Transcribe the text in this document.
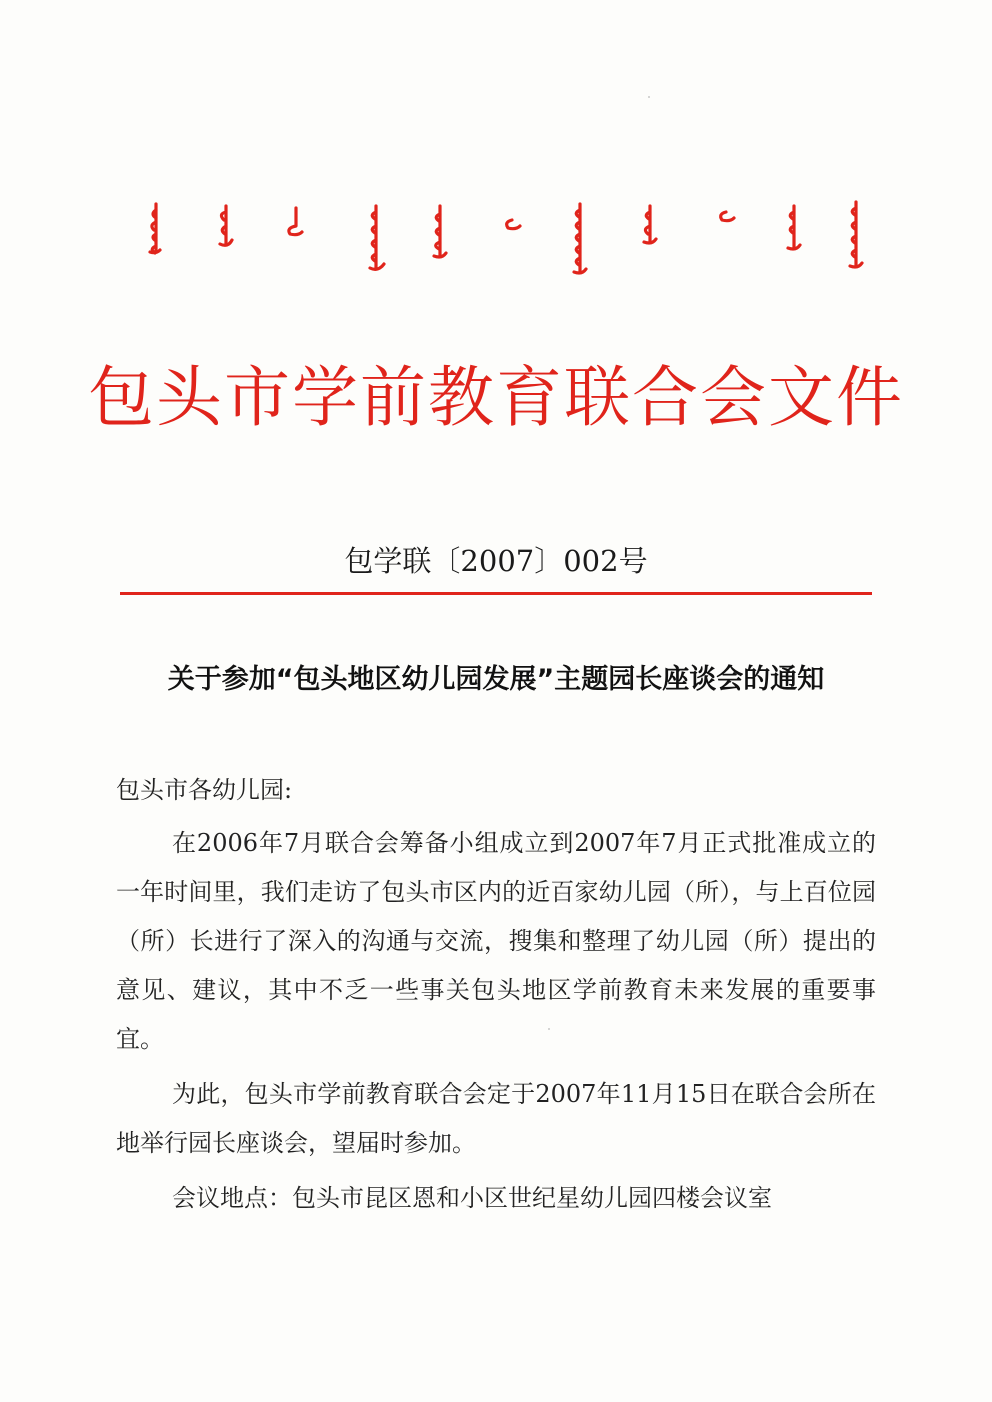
包头市学前教育联合会文件
包学联〔2007〕002号
关于参加“包头地区幼儿园发展”主题园长座谈会的通知

包头市各幼儿园:

在2006年7月联合会筹备小组成立到2007年7月正式批准成立的一年时间里，我们走访了包头市区内的近百家幼儿园（所），与上百位园（所）长进行了深入的沟通与交流，搜集和整理了幼儿园（所）提出的意见、建议，其中不乏一些事关包头地区学前教育未来发展的重要事宜。

为此，包头市学前教育联合会定于2007年11月15日在联合会所在地举行园长座谈会，望届时参加。

会议地点：包头市昆区恩和小区世纪星幼儿园四楼会议室
